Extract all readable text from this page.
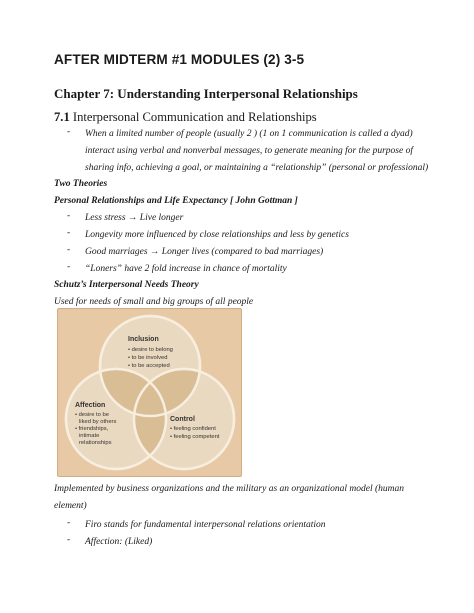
AFTER MIDTERM #1 MODULES (2) 3-5
Chapter 7: Understanding Interpersonal Relationships
7.1 Interpersonal Communication and Relationships
- When a limited number of people (usually 2 ) (1 on 1 communication is called a dyad)
interact using verbal and nonverbal messages, to generate meaning for the purpose of
sharing info, achieving a goal, or maintaining a “relationship” (personal or professional)
Two Theories
Personal Relationships and Life Expectancy [ John Gottman ]
- Less stress → Live longer
- Longevity more influenced by close relationships and less by genetics
- Good marriages → Longer lives (compared to bad marriages)
- “Loners” have 2 fold increase in chance of mortality
Schutz’s Interpersonal Needs Theory
Used for needs of small and big groups of all people
Inclusion
• desire to belong
• to be involved
• to be accepted
Affection
• desire to be
liked by others
• friendships,
intimate
relationships
Control
• feeling confident
• feeling competent
Implemented by business organizations and the military as an organizational model (human
element)
- Firo stands for fundamental interpersonal relations orientation
- Affection: (Liked)
